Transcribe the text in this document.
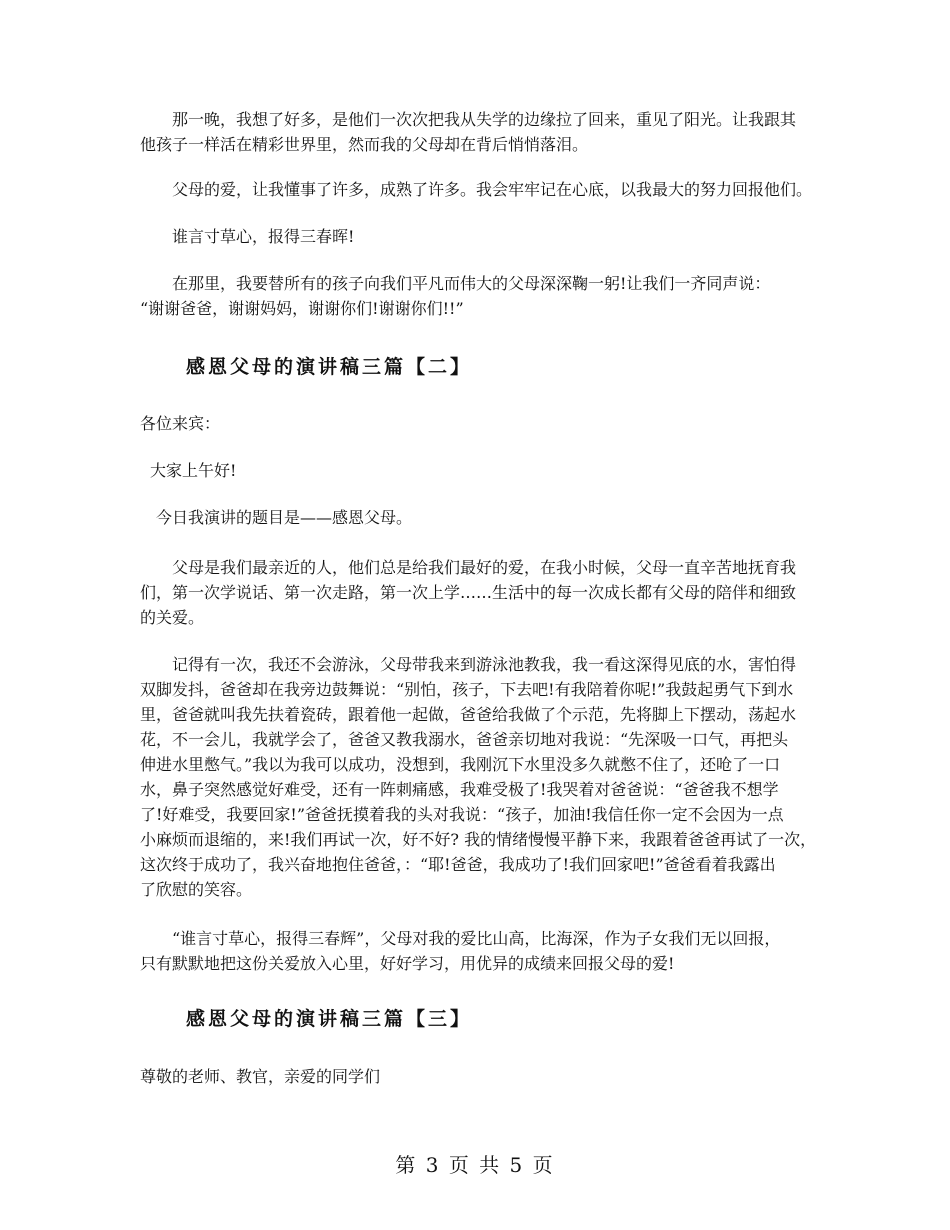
那一晚，我想了好多，是他们一次次把我从失学的边缘拉了回来，重见了阳光。让我跟其

他孩子一样活在精彩世界里，然而我的父母却在背后悄悄落泪。

父母的爱，让我懂事了许多，成熟了许多。我会牢牢记在心底，以我最大的努力回报他们。

谁言寸草心，报得三春晖!

在那里，我要替所有的孩子向我们平凡而伟大的父母深深鞠一躬!让我们一齐同声说：

“谢谢爸爸，谢谢妈妈，谢谢你们!谢谢你们!!”

感恩父母的演讲稿三篇【二】

各位来宾：

大家上午好!

今日我演讲的题目是——感恩父母。

父母是我们最亲近的人，他们总是给我们最好的爱，在我小时候，父母一直辛苦地抚育我

们，第一次学说话、第一次走路，第一次上学……生活中的每一次成长都有父母的陪伴和细致

的关爱。

记得有一次，我还不会游泳，父母带我来到游泳池教我，我一看这深得见底的水，害怕得

双脚发抖，爸爸却在我旁边鼓舞说：“别怕，孩子，下去吧!有我陪着你呢!”我鼓起勇气下到水

里，爸爸就叫我先扶着瓷砖，跟着他一起做，爸爸给我做了个示范，先将脚上下摆动，荡起水

花，不一会儿，我就学会了，爸爸又教我溺水，爸爸亲切地对我说：“先深吸一口气，再把头

伸进水里憋气。”我以为我可以成功，没想到，我刚沉下水里没多久就憋不住了，还呛了一口

水，鼻子突然感觉好难受，还有一阵刺痛感，我难受极了!我哭着对爸爸说：“爸爸我不想学

了!好难受，我要回家!”爸爸抚摸着我的头对我说：“孩子，加油!我信任你一定不会因为一点

小麻烦而退缩的，来!我们再试一次，好不好? 我的情绪慢慢平静下来，我跟着爸爸再试了一次，

这次终于成功了，我兴奋地抱住爸爸，：“耶!爸爸，我成功了!我们回家吧!”爸爸看着我露出

了欣慰的笑容。

“谁言寸草心，报得三春辉”，父母对我的爱比山高，比海深，作为子女我们无以回报，

只有默默地把这份关爱放入心里，好好学习，用优异的成绩来回报父母的爱!

感恩父母的演讲稿三篇【三】

尊敬的老师、教官，亲爱的同学们

第 3 页 共 5 页
